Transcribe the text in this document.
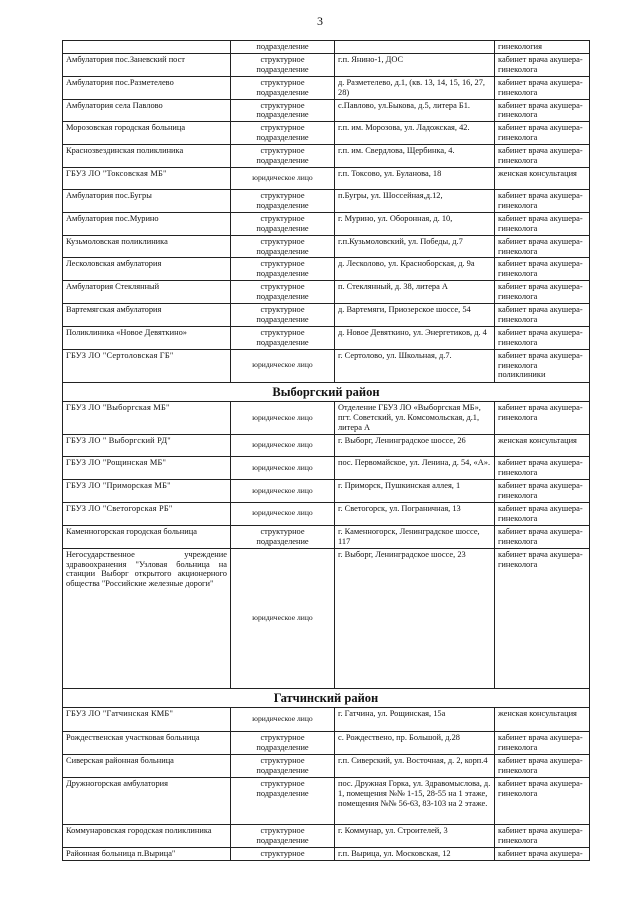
3
	подразделение		гинекология
Амбулатория пос.Заневский пост	структурное подразделение	г.п. Янино-1, ДОС	кабинет врача акушера-гинеколога
Амбулатория пос.Разметелево	структурное подразделение	д. Разметелево, д.1, (кв. 13, 14, 15, 16, 27, 28)	кабинет врача акушера-гинеколога
Амбулатория села Павлово	структурное подразделение	с.Павлово, ул.Быкова, д.5, литера Б1.	кабинет врача акушера-гинеколога
Морозовская городская больница	структурное подразделение	г.п. им. Морозова, ул. Ладожская, 42.	кабинет врача акушера-гинеколога
Краснозвездинская поликлиника	структурное подразделение	г.п. им. Свердлова, Щербинка, 4.	кабинет врача акушера-гинеколога
ГБУЗ ЛО "Токсовская МБ"	юридическое лицо	г.п. Токсово, ул. Буланова, 18	женская консультация
Амбулатория пос.Бугры	структурное подразделение	п.Бугры, ул. Шоссейная,д.12,	кабинет врача акушера-гинеколога
Амбулатория пос.Мурино	структурное подразделение	г. Мурино, ул. Оборонная, д. 10,	кабинет врача акушера-гинеколога
Кузьмоловская поликлиника	структурное подразделение	г.п.Кузьмоловский, ул. Победы, д.7	кабинет врача акушера-гинеколога
Лесколовская амбулатория	структурное подразделение	д. Лесколово, ул. Красноборская, д. 9а	кабинет врача акушера-гинеколога
Амбулатория Стеклянный	структурное подразделение	п. Стеклянный, д. 38, литера А	кабинет врача акушера-гинеколога
Вартемягская амбулатория	структурное подразделение	д. Вартемяги, Приозерское шоссе, 54	кабинет врача акушера-гинеколога
Поликлиника «Новое Девяткино»	структурное подразделение	д. Новое Девяткино, ул. Энергетиков, д. 4	кабинет врача акушера-гинеколога
ГБУЗ ЛО "Сертоловская ГБ"	юридическое лицо	г. Сертолово, ул. Школьная, д.7.	кабинет врача акушера-гинеколога поликлиники
Выборгский район			
ГБУЗ ЛО "Выборгская МБ"	юридическое лицо	Отделение ГБУЗ ЛО «Выборгская МБ», пгт. Советский, ул. Комсомольская, д.1, литера А	кабинет врача акушера-гинеколога
ГБУЗ ЛО " Выборгский РД"	юридическое лицо	г. Выборг, Ленинградское шоссе, 26	женская консультация
ГБУЗ ЛО "Рощинская МБ"	юридическое лицо	пос. Первомайское, ул. Ленина, д. 54, «А».	кабинет врача акушера-гинеколога
ГБУЗ ЛО "Приморская МБ"	юридическое лицо	г. Приморск, Пушкинская аллея, 1	кабинет врача акушера-гинеколога
ГБУЗ ЛО "Светогорская РБ"	юридическое лицо	г. Светогорск, ул. Пограничная, 13	кабинет врача акушера-гинеколога
Каменногорская городская больница	структурное подразделение	г. Каменногорск, Ленинградское шоссе, 117	кабинет врача акушера-гинеколога
Негосударственное учреждение здравоохранения "Узловая больница на станции Выборг открытого акционерного общества "Российские железные дороги"	юридическое лицо	г. Выборг, Ленинградское шоссе, 23	кабинет врача акушера-гинеколога
Гатчинский район			
ГБУЗ ЛО "Гатчинская КМБ"	юридическое лицо	г. Гатчина, ул. Рощинская, 15а	женская консультация
Рождественская участковая больница	структурное подразделение	с. Рождествено, пр. Большой, д.28	кабинет врача акушера-гинеколога
Сиверская районная больница	структурное подразделение	г.п. Сиверский, ул. Восточная, д. 2, корп.4	кабинет врача акушера-гинеколога
Дружногорская амбулатория	структурное подразделение	пос. Дружная Горка, ул. Здравомыслова, д. 1, помещения №№ 1-15, 28-55 на 1 этаже, помещения №№ 56-63, 83-103 на 2 этаже.	кабинет врача акушера-гинеколога
Коммунаровская городская поликлиника	структурное подразделение	г. Коммунар, ул. Строителей, 3	кабинет врача акушера-гинеколога
Районная больница п.Вырица"	структурное	г.п. Вырица, ул. Московская, 12	кабинет врача акушера-
